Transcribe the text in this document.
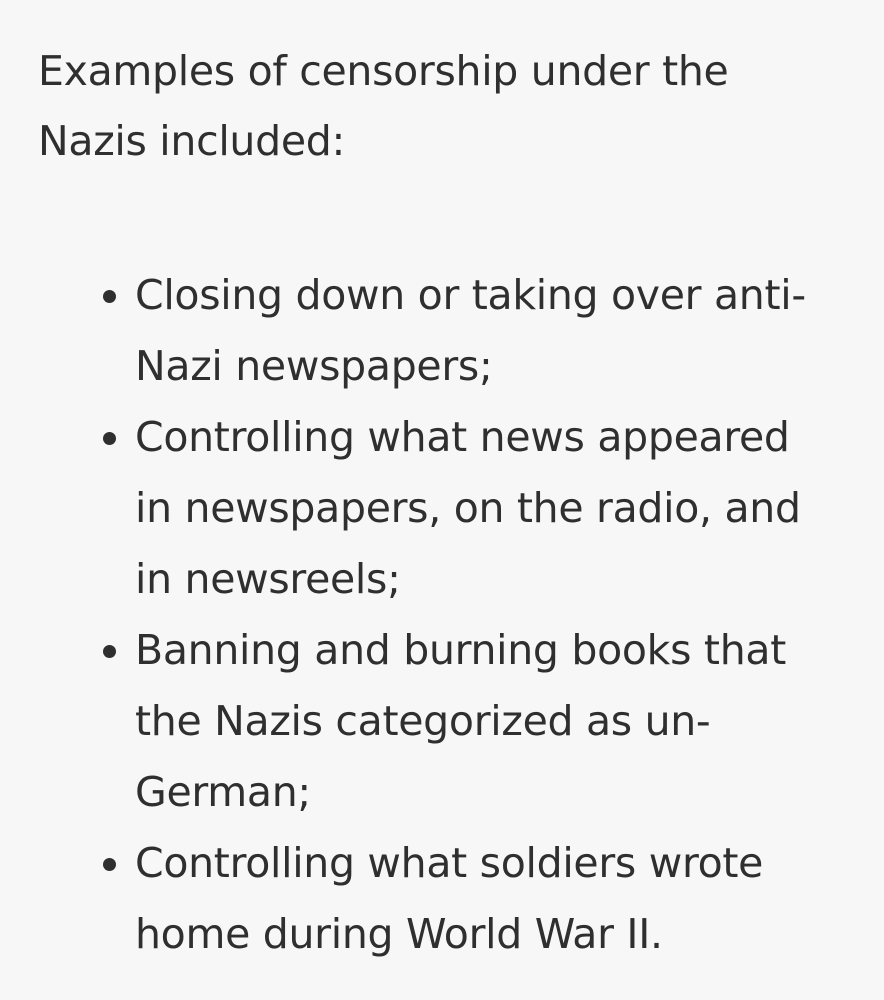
Examples of censorship under the Nazis included:

Closing down or taking over anti-Nazi newspapers;
Controlling what news appeared in newspapers, on the radio, and in newsreels;
Banning and burning books that the Nazis categorized as un-German;
Controlling what soldiers wrote home during World War II.
